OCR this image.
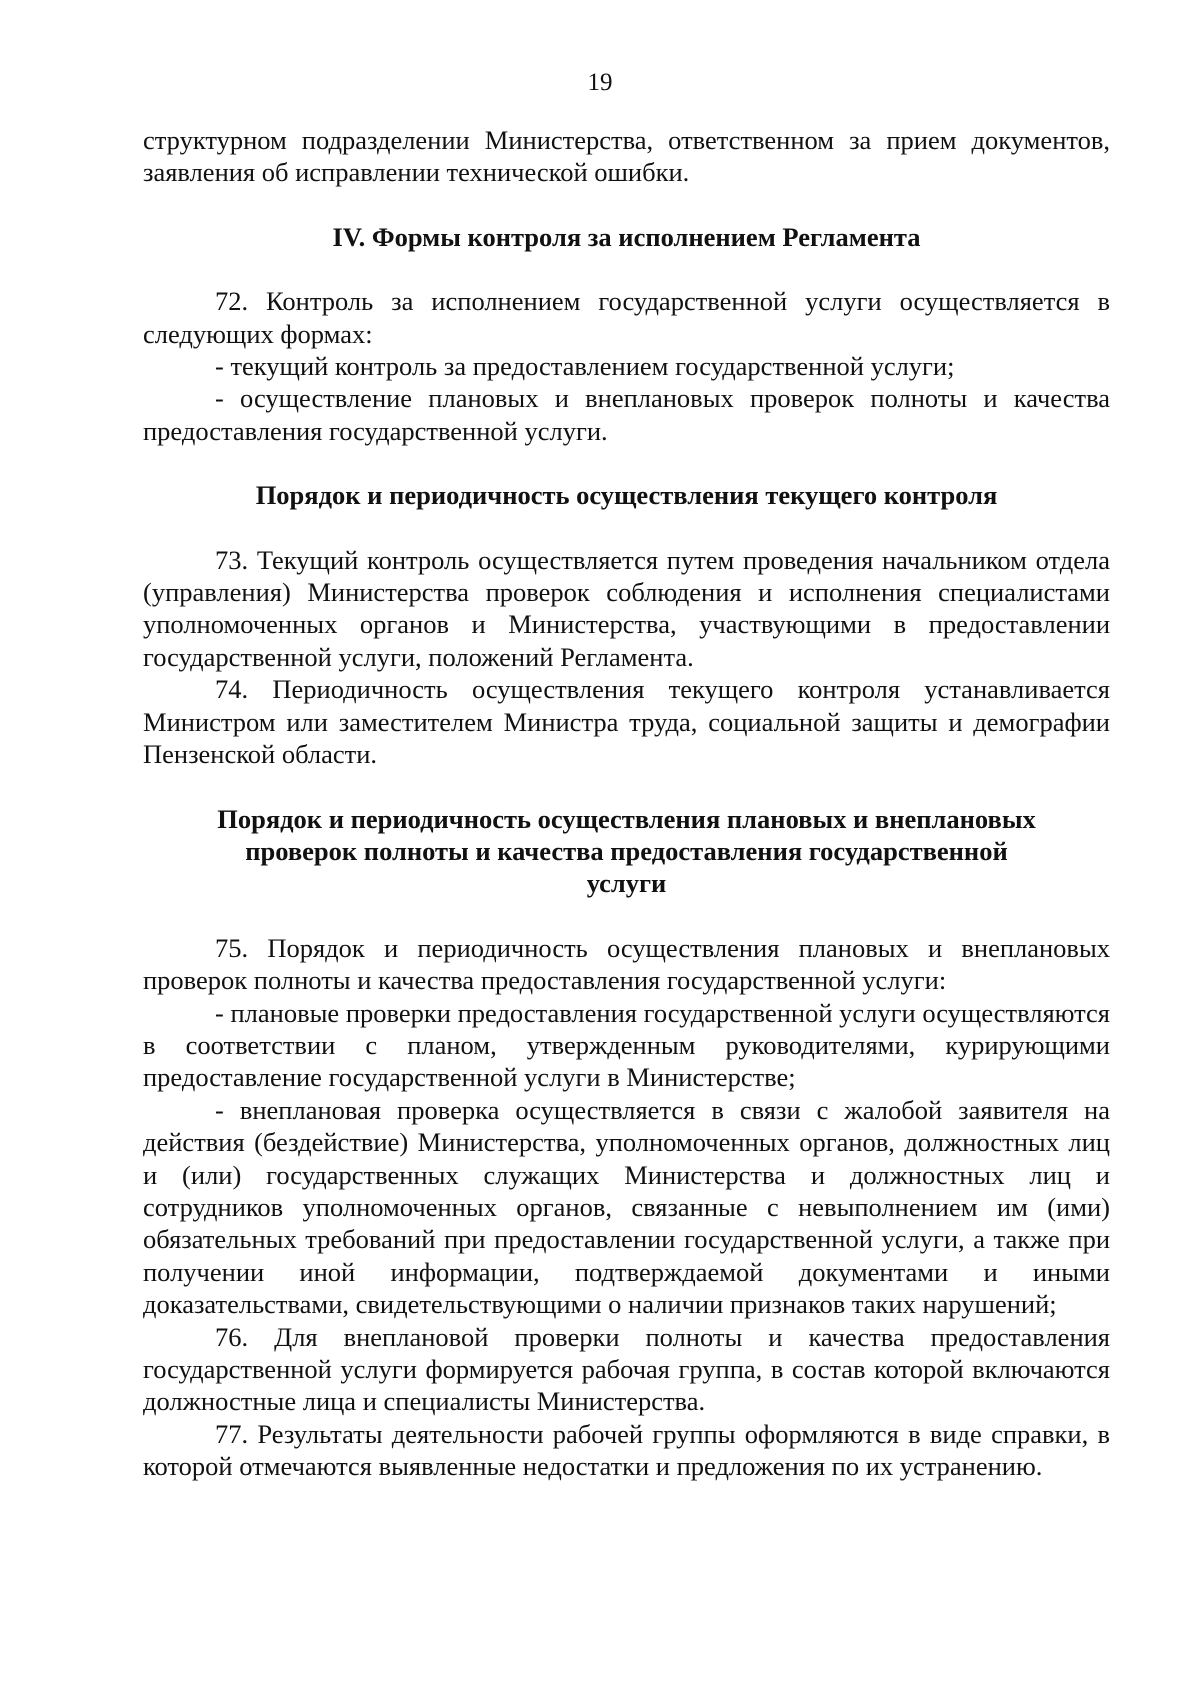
19

структурном подразделении Министерства, ответственном за прием документов, заявления об исправлении технической ошибки.

IV. Формы контроля за исполнением Регламента

72. Контроль за исполнением государственной услуги осуществляется в следующих формах:

- текущий контроль за предоставлением государственной услуги;

- осуществление плановых и внеплановых проверок полноты и качества предоставления государственной услуги.

Порядок и периодичность осуществления текущего контроля

73. Текущий контроль осуществляется путем проведения начальником отдела (управления) Министерства проверок соблюдения и исполнения специалистами уполномоченных органов и Министерства, участвующими в предоставлении государственной услуги, положений Регламента.

74. Периодичность осуществления текущего контроля устанавливается Министром или заместителем Министра труда, социальной защиты и демографии Пензенской области.

Порядок и периодичность осуществления плановых и внеплановых

проверок полноты и качества предоставления государственной

услуги

75. Порядок и периодичность осуществления плановых и внеплановых проверок полноты и качества предоставления государственной услуги:

- плановые проверки предоставления государственной услуги осуществляются в соответствии с планом, утвержденным руководителями, курирующими предоставление государственной услуги в Министерстве;

- внеплановая проверка осуществляется в связи с жалобой заявителя на действия (бездействие) Министерства, уполномоченных органов, должностных лиц и (или) государственных служащих Министерства и должностных лиц и сотрудников уполномоченных органов, связанные с невыполнением им (ими) обязательных требований при предоставлении государственной услуги, а также при получении иной информации, подтверждаемой документами и иными доказательствами, свидетельствующими о наличии признаков таких нарушений;

76. Для внеплановой проверки полноты и качества предоставления государственной услуги формируется рабочая группа, в состав которой включаются должностные лица и специалисты Министерства.

77. Результаты деятельности рабочей группы оформляются в виде справки, в которой отмечаются выявленные недостатки и предложения по их устранению.
